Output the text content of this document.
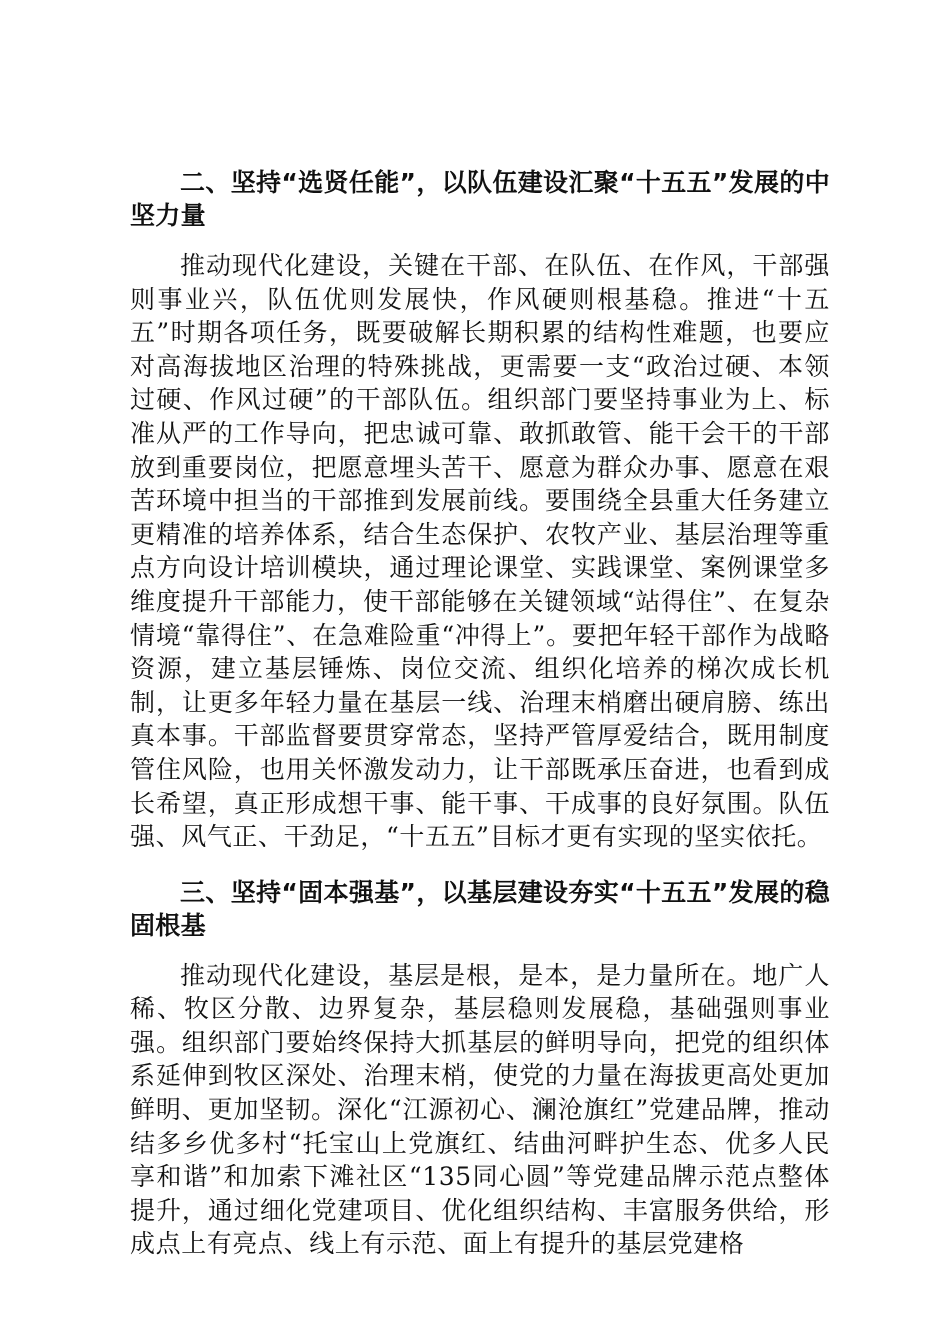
二、坚持“选贤任能”，以队伍建设汇聚“十五五”发展的中坚力量

推动现代化建设，关键在干部、在队伍、在作风，干部强则事业兴，队伍优则发展快，作风硬则根基稳。推进“十五五”时期各项任务，既要破解长期积累的结构性难题，也要应对高海拔地区治理的特殊挑战，更需要一支“政治过硬、本领过硬、作风过硬”的干部队伍。组织部门要坚持事业为上、标准从严的工作导向，把忠诚可靠、敢抓敢管、能干会干的干部放到重要岗位，把愿意埋头苦干、愿意为群众办事、愿意在艰苦环境中担当的干部推到发展前线。要围绕全县重大任务建立更精准的培养体系，结合生态保护、农牧产业、基层治理等重点方向设计培训模块，通过理论课堂、实践课堂、案例课堂多维度提升干部能力，使干部能够在关键领域“站得住”、在复杂情境“靠得住”、在急难险重“冲得上”。要把年轻干部作为战略资源，建立基层锤炼、岗位交流、组织化培养的梯次成长机制，让更多年轻力量在基层一线、治理末梢磨出硬肩膀、练出真本事。干部监督要贯穿常态，坚持严管厚爱结合，既用制度管住风险，也用关怀激发动力，让干部既承压奋进，也看到成长希望，真正形成想干事、能干事、干成事的良好氛围。队伍强、风气正、干劲足，“十五五”目标才更有实现的坚实依托。

三、坚持“固本强基”，以基层建设夯实“十五五”发展的稳固根基

推动现代化建设，基层是根，是本，是力量所在。地广人稀、牧区分散、边界复杂，基层稳则发展稳，基础强则事业强。组织部门要始终保持大抓基层的鲜明导向，把党的组织体系延伸到牧区深处、治理末梢，使党的力量在海拔更高处更加鲜明、更加坚韧。深化“江源初心、澜沧旗红”党建品牌，推动结多乡优多村“托宝山上党旗红、结曲河畔护生态、优多人民享和谐”和加索下滩社区“135同心圆”等党建品牌示范点整体提升，通过细化党建项目、优化组织结构、丰富服务供给，形成点上有亮点、线上有示范、面上有提升的基层党建格
